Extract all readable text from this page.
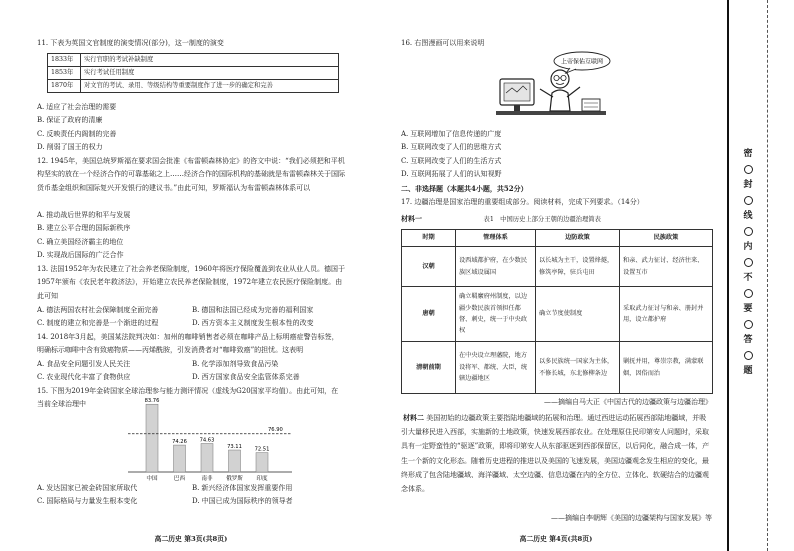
11. 下表为英国文官制度的演变情况(部分)，这一制度的演变

1833年	实行官职的考试补缺制度
1853年	实行考试任用制度
1870年	对文官的考试、录用、等级结构等重要制度作了进一步的确定和完善
A. 适应了社会治理的需要
B. 保证了政府的清廉
C. 反映责任内阁制的完善
D. 削弱了国王的权力

12. 1945年，美国总统罗斯福在要求国会批准《布雷顿森林协定》的咨文中说：“我们必须把和平机构坚实的放在一个经济合作的可靠基础之上……经济合作的国际机构的基础就是布雷顿森林关于国际货币基金组织和国际复兴开发银行的建议书。”由此可知，罗斯福认为布雷顿森林体系可以

A. 推动战后世界的和平与发展
B. 建立公平合理的国际新秩序
C. 确立美国经济霸主的地位
D. 实现战后国际的广泛合作

13. 法国1952年为农民建立了社会养老保险制度，1960年将医疗保险覆盖到农业从业人员。德国于1957年颁布《农民老年救济法》，开始建立农民养老保险制度，1972年建立农民医疗保险制度。由此可知

A. 德法两国农村社会保障制度全面完善	B. 德国和法国已经成为完善的福利国家
C. 制度的建立和完善是一个渐进的过程	D. 西方资本主义制度发生根本性的改变

14. 2018年3月起，美国某法院判决如：加州的咖啡销售者必须在咖啡产品上标明癌症警告标签，明确标示咖啡中含有致癌物质——丙烯酰胺，引发消费者对“咖啡致癌”的担忧。这表明

A. 食品安全问题引发人民关注	B. 化学添加剂导致食品污染
C. 农业现代化丰富了食物供应	D. 西方国家食品安全监管体系完善

15. 下图为2019年金砖国家全球治理参与能力测评情况（虚线为G20国家平均值）。由此可知，在当前全球治理中	83.76
中国
74.26
巴西
74.63
南非
73.11
俄罗斯
72.51
印度
76.90
A. 发达国家已被金砖国家所取代	B. 新兴经济体国家发挥重要作用
C. 国际格局与力量发生根本变化	D. 中国已成为国际秩序的领导者
高二历史 第3页(共8页)

16. 右图漫画可以用来说明

上帝保佑互联网
A. 互联网增加了信息传递的广度
B. 互联网改变了人们的思维方式
C. 互联网改变了人们的生活方式
D. 互联网拓展了人们的认知视野
二、非选择题（本题共4小题，共52分）

17. 边疆治理是国家治理的重要组成部分。阅读材料，完成下列要求。（14分）

材料一	表1　中国历史上部分王朝的边疆治理简表
时期	管理体系	边防政策	民族政策
汉朝	设西域都护府，在少数民族区域设属国	以长城为主干，设置烽燧，修筑亭障，驻兵屯田	和亲、武力征讨、经济往来、设置互市
唐朝	确立羁縻府州制度，以边疆少数民族首领担任都督、刺史，统一于中央政权	确立节度使制度	采取武力征讨与和亲、册封并用，设立都护府
清朝前期	在中央设立理藩院，地方设将军、都统、大臣，统辖边疆地区	以多民族统一国家为主体，不修长城，东北修柳条边	剿抚并用，尊崇宗教，满蒙联姻，因俗而治
——摘编自马大正《中国古代的边疆政策与边疆治理》

材料二 美国初始的边疆政策主要指陆地疆域的拓展和治理。通过西进运动拓展西部陆地疆域，并吸引大量移民进入西部，实施新的土地政策，快速发展西部农业。在处理原住民印第安人问题时，采取具有一定野蛮性的“驱逐”政策，即将印第安人从东部驱逐到西部保留区，以后同化，融合成一体，产生一个新的文化形态。随着历史进程的推进以及美国的飞速发展，美国边疆观念发生相应的变化，最终形成了包含陆地疆域、海洋疆域、太空边疆、信息边疆在内的全方位、立体化、软硬结合的边疆观念体系。

——摘编自李朝辉《美国的边疆架构与国家发展》等
高二历史 第4页(共8页)
密
封
线
内
不
要
答
题
